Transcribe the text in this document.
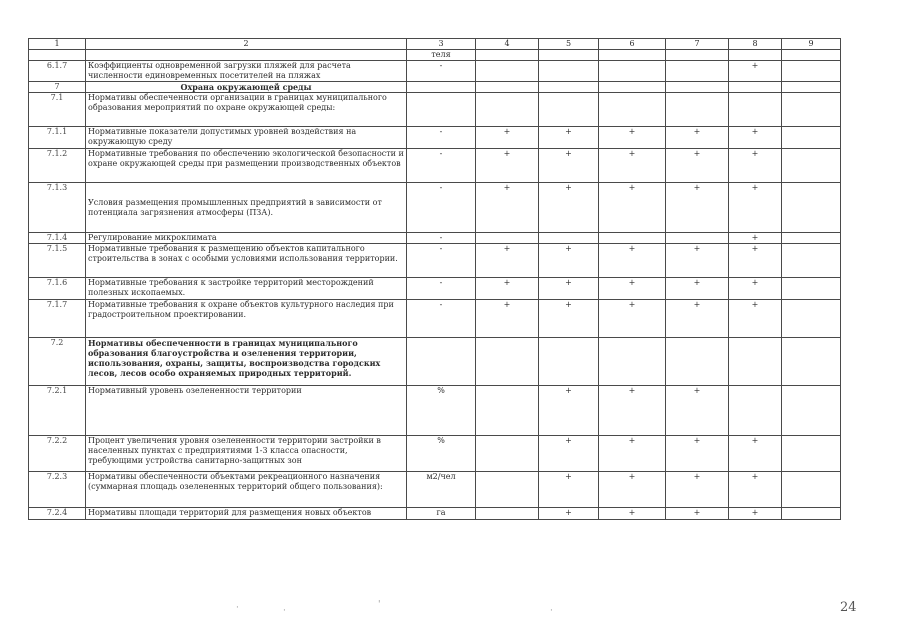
1	2	3	4	5	6	7	8	9
		теля						
6.1.7	Коэффициенты одновременной загрузки пляжей для расчета численности единовременных посетителей на пляжах	-					+	
7	Охрана окружающей среды							
7.1	Нормативы обеспеченности организации в границах муниципального образования мероприятий по охране окружающей среды:							
7.1.1	Нормативные показатели допустимых уровней воздействия на окружающую среду	-	+	+	+	+	+	
7.1.2	Нормативные требования по обеспечению экологической безопасности и охране окружающей среды при размещении производственных объектов	-	+	+	+	+	+	
7.1.3	Условия размещения промышленных предприятий в зависимости от потенциала загрязнения атмосферы (ПЗА).	-	+	+	+	+	+	
7.1.4	Регулирование микроклимата	-					+	
7.1.5	Нормативные требования к размещению объектов капитального строительства в зонах с особыми условиями использования территории.	-	+	+	+	+	+	
7.1.6	Нормативные требования к застройке территорий месторождений полезных ископаемых.	-	+	+	+	+	+	
7.1.7	Нормативные требования к охране объектов культурного наследия при градостроительном проектировании.	-	+	+	+	+	+	
7.2	Нормативы обеспеченности в границах муниципального образования благоустройства и озеленения территории, использования, охраны, защиты, воспроизводства городских лесов, лесов особо охраняемых природных территорий.							
7.2.1	Нормативный уровень озелененности территории	%		+	+	+		
7.2.2	Процент увеличения уровня озелененности территории застройки в населенных пунктах с предприятиями 1-3 класса опасности, требующими устройства санитарно-защитных зон	%		+	+	+	+	
7.2.3	Нормативы обеспеченности объектами рекреационного назначения (суммарная площадь озелененных территорий общего пользования):	м2/чел		+	+	+	+	
7.2.4	Нормативы площади территорий для размещения новых объектов	га		+	+	+	+	
24
·	·
'
·
